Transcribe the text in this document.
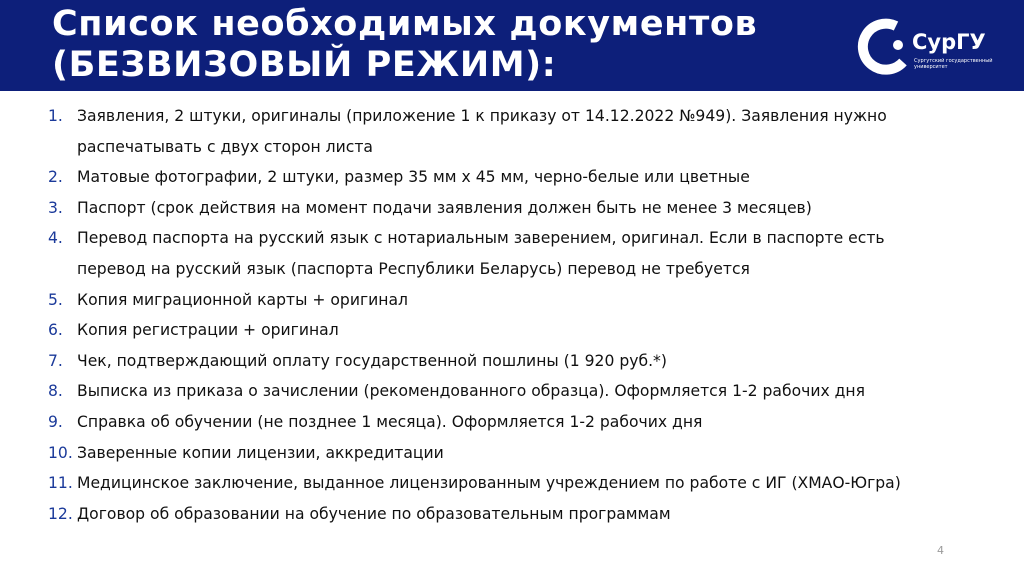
Список необходимых документов
(БЕЗВИЗОВЫЙ РЕЖИМ):
СурГУ
Сургутский государственный университет
1. Заявления, 2 штуки, оригиналы (приложение 1 к приказу от 14.12.2022 №949). Заявления нужно
распечатывать с двух сторон листа
2. Матовые фотографии, 2 штуки, размер 35 мм х 45 мм, черно-белые или цветные
3. Паспорт (срок действия на момент подачи заявления должен быть не менее 3 месяцев)
4. Перевод паспорта на русский язык с нотариальным заверением, оригинал. Если в паспорте есть
перевод на русский язык (паспорта Республики Беларусь) перевод не требуется
5. Копия миграционной карты + оригинал
6. Копия регистрации + оригинал
7. Чек, подтверждающий оплату государственной пошлины (1 920 руб.*)
8. Выписка из приказа о зачислении (рекомендованного образца). Оформляется 1-2 рабочих дня
9. Справка об обучении (не позднее 1 месяца). Оформляется 1-2 рабочих дня
10. Заверенные копии лицензии, аккредитации
11. Медицинское заключение, выданное лицензированным учреждением по работе с ИГ (ХМАО-Югра)
12. Договор об образовании на обучение по образовательным программам
4
